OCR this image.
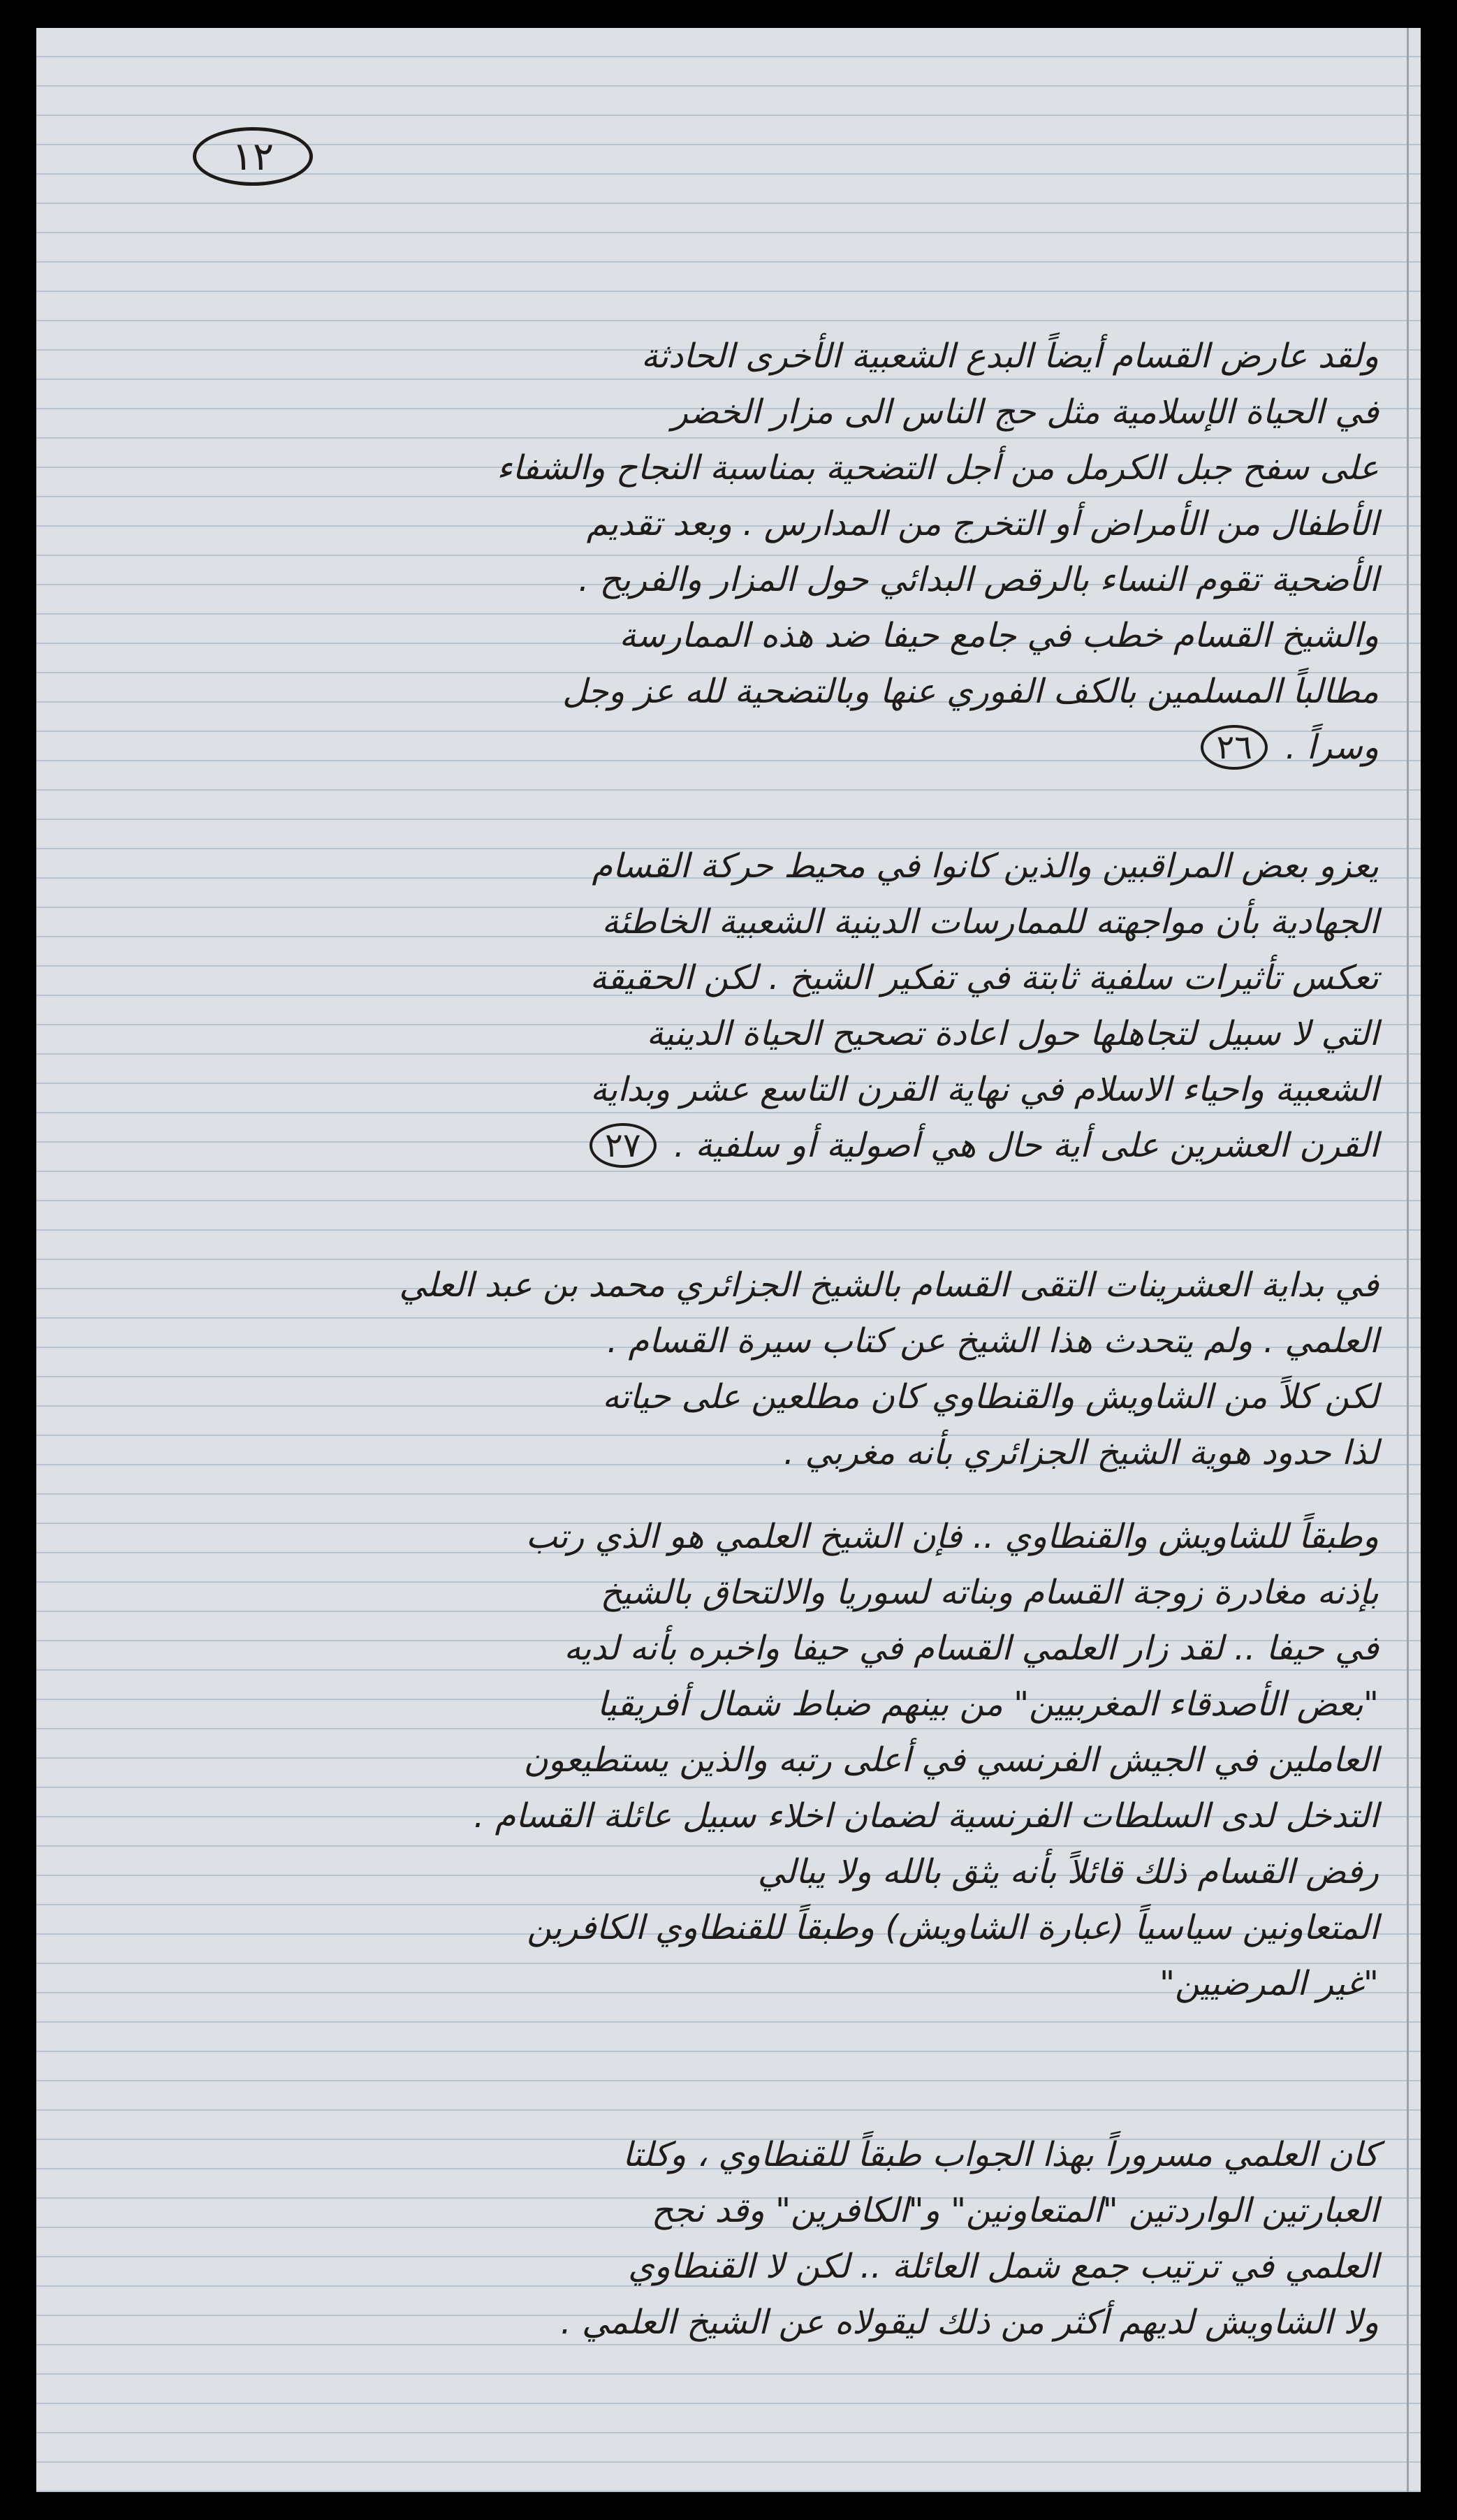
١٢
ولقد عارض القسام أيضاً البدع الشعبية الأخرى الحادثة
في الحياة الإسلامية مثل حج الناس الى مزار الخضر
على سفح جبل الكرمل من أجل التضحية بمناسبة النجاح والشفاء
الأطفال من الأمراض أو التخرج من المدارس . وبعد تقديم
الأضحية تقوم النساء بالرقص البدائي حول المزار والفريح .
والشيخ القسام خطب في جامع حيفا ضد هذه الممارسة
مطالباً المسلمين بالكف الفوري عنها وبالتضحية لله عز وجل
وسراً . ٢٦
يعزو بعض المراقبين والذين كانوا في محيط حركة القسام
الجهادية بأن مواجهته للممارسات الدينية الشعبية الخاطئة
تعكس تأثيرات سلفية ثابتة في تفكير الشيخ . لكن الحقيقة
التي لا سبيل لتجاهلها حول اعادة تصحيح الحياة الدينية
الشعبية واحياء الاسلام في نهاية القرن التاسع عشر وبداية
القرن العشرين على أية حال هي أصولية أو سلفية . ٢٧
في بداية العشرينات التقى القسام بالشيخ الجزائري محمد بن عبد العلي
العلمي . ولم يتحدث هذا الشيخ عن كتاب سيرة القسام .
لكن كلاً من الشاويش والقنطاوي كان مطلعين على حياته
لذا حدود هوية الشيخ الجزائري بأنه مغربي .
وطبقاً للشاويش والقنطاوي .. فإن الشيخ العلمي هو الذي رتب
بإذنه مغادرة زوجة القسام وبناته لسوريا والالتحاق بالشيخ
في حيفا .. لقد زار العلمي القسام في حيفا واخبره بأنه لديه
"بعض الأصدقاء المغربيين" من بينهم ضباط شمال أفريقيا
العاملين في الجيش الفرنسي في أعلى رتبه والذين يستطيعون
التدخل لدى السلطات الفرنسية لضمان اخلاء سبيل عائلة القسام .
رفض القسام ذلك قائلاً بأنه يثق بالله ولا يبالي
المتعاونين سياسياً (عبارة الشاويش) وطبقاً للقنطاوي الكافرين
"غير المرضيين"
كان العلمي مسروراً بهذا الجواب طبقاً للقنطاوي ، وكلتا
العبارتين الواردتين "المتعاونين" و"الكافرين" وقد نجح
العلمي في ترتيب جمع شمل العائلة .. لكن لا القنطاوي
ولا الشاويش لديهم أكثر من ذلك ليقولاه عن الشيخ العلمي .
